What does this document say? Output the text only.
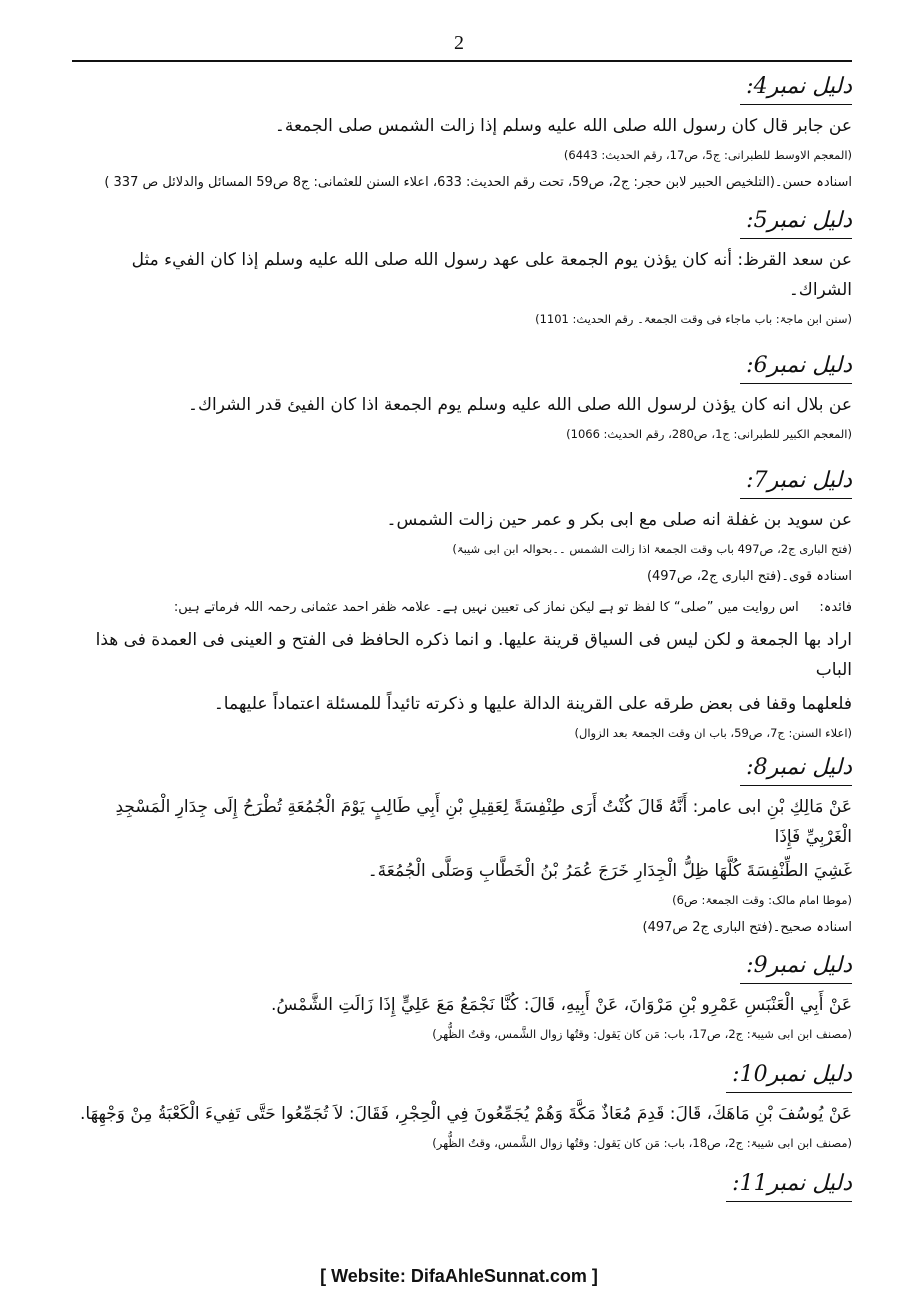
2
دلیل نمبر4:
عن جابر قال كان رسول الله صلى الله عليه وسلم إذا زالت الشمس صلى الجمعة۔
(المعجم الاوسط للطبرانی: ج5، ص17، رقم الحدیث: 6443)
اسنادہ حسن۔(التلخیص الحبیر لابن حجر: ج2، ص59، تحت رقم الحدیث: 633، اعلاء السنن للعثمانی: ج8 ص59 المسائل والدلائل ص 337 )
دلیل نمبر5:
عن سعد القرظ: أنه كان يؤذن يوم الجمعة على عهد رسول الله صلى الله عليه وسلم إذا كان الفيء مثل الشراك۔
(سنن ابن ماجۃ: باب ماجاء فی وقت الجمعۃ۔ رقم الحدیث: 1101)
دلیل نمبر6:
عن بلال انه كان يؤذن لرسول الله صلى الله عليه وسلم يوم الجمعة اذا كان الفيئ قدر الشراك۔
(المعجم الکبیر للطبرانی: ج1، ص280، رقم الحدیث: 1066)
دلیل نمبر7:
عن سويد بن غفلة انه صلى مع ابى بكر و عمر حين زالت الشمس۔
(فتح الباری ج2، ص497 باب وقت الجمعۃ اذا زالت الشمس ۔۔بحوالہ ابن ابی شیبۃ)
اسنادہ قوی۔(فتح الباری ج2، ص497)
فائدہ:     اس روایت میں ”صلی“ کا لفظ تو ہے لیکن نماز کی تعیین نہیں ہے۔ علامہ ظفر احمد عثمانی رحمہ اللہ فرماتے ہیں:
اراد بها الجمعة و لكن ليس فى السياق قرينة عليها. و انما ذكره الحافظ فى الفتح و العينى فى العمدة فى هذا الباب
فلعلهما وقفا فى بعض طرقه على القرينة الدالة عليها و ذكرته تائيداً للمسئلة اعتماداً عليهما۔
(اعلاء السنن: ج7، ص59، باب ان وقت الجمعۃ بعد الزوال)
دلیل نمبر8:
عَنْ مَالِكِ بْنِ ابی عامر: أَنَّهُ قَالَ كُنْتُ أَرَى طِنْفِسَةً لِعَقِيلِ بْنِ أَبِي طَالِبٍ يَوْمَ الْجُمُعَةِ تُطْرَحُ إِلَى جِدَارِ الْمَسْجِدِ الْغَرْبِيِّ فَإِذَا
غَشِيَ الطِّنْفِسَةَ كُلَّهَا ظِلُّ الْجِدَارِ خَرَجَ عُمَرُ بْنُ الْخَطَّابِ وَصَلَّى الْجُمُعَةَ۔
(موطا امام مالک: وقت الجمعۃ: ص6)
اسنادہ صحیح۔(فتح الباری ج2 ص497)
دلیل نمبر9:
عَنْ أَبِي الْعَنْبَسِ عَمْرِو بْنِ مَرْوَانَ، عَنْ أَبِيهِ، قَالَ: كُنَّا نَجْمَعُ مَعَ عَلِيٍّ إِذَا زَالَتِ الشَّمْسُ.
(مصنف ابن ابی شیبۃ: ج2، ص17، باب: مَن کان یَقول: وقتُھا زوال الشَّمس، وقتُ الظُّھر)
دلیل نمبر10:
عَنْ يُوسُفَ بْنِ مَاهَكَ، قَالَ: قَدِمَ مُعَاذٌ مَكَّةَ وَهُمْ يُجَمِّعُونَ فِي الْحِجْرِ، فَقَالَ: لاَ تُجَمِّعُوا حَتَّى تَفِيءَ الْكَعْبَةُ مِنْ وَجْهِهَا.
(مصنف ابن ابی شیبۃ: ج2، ص18، باب: مَن کان یَقول: وقتُھا زوال الشَّمس، وقتُ الظُّھر)
دلیل نمبر11:
[ Website: DifaAhleSunnat.com ]
